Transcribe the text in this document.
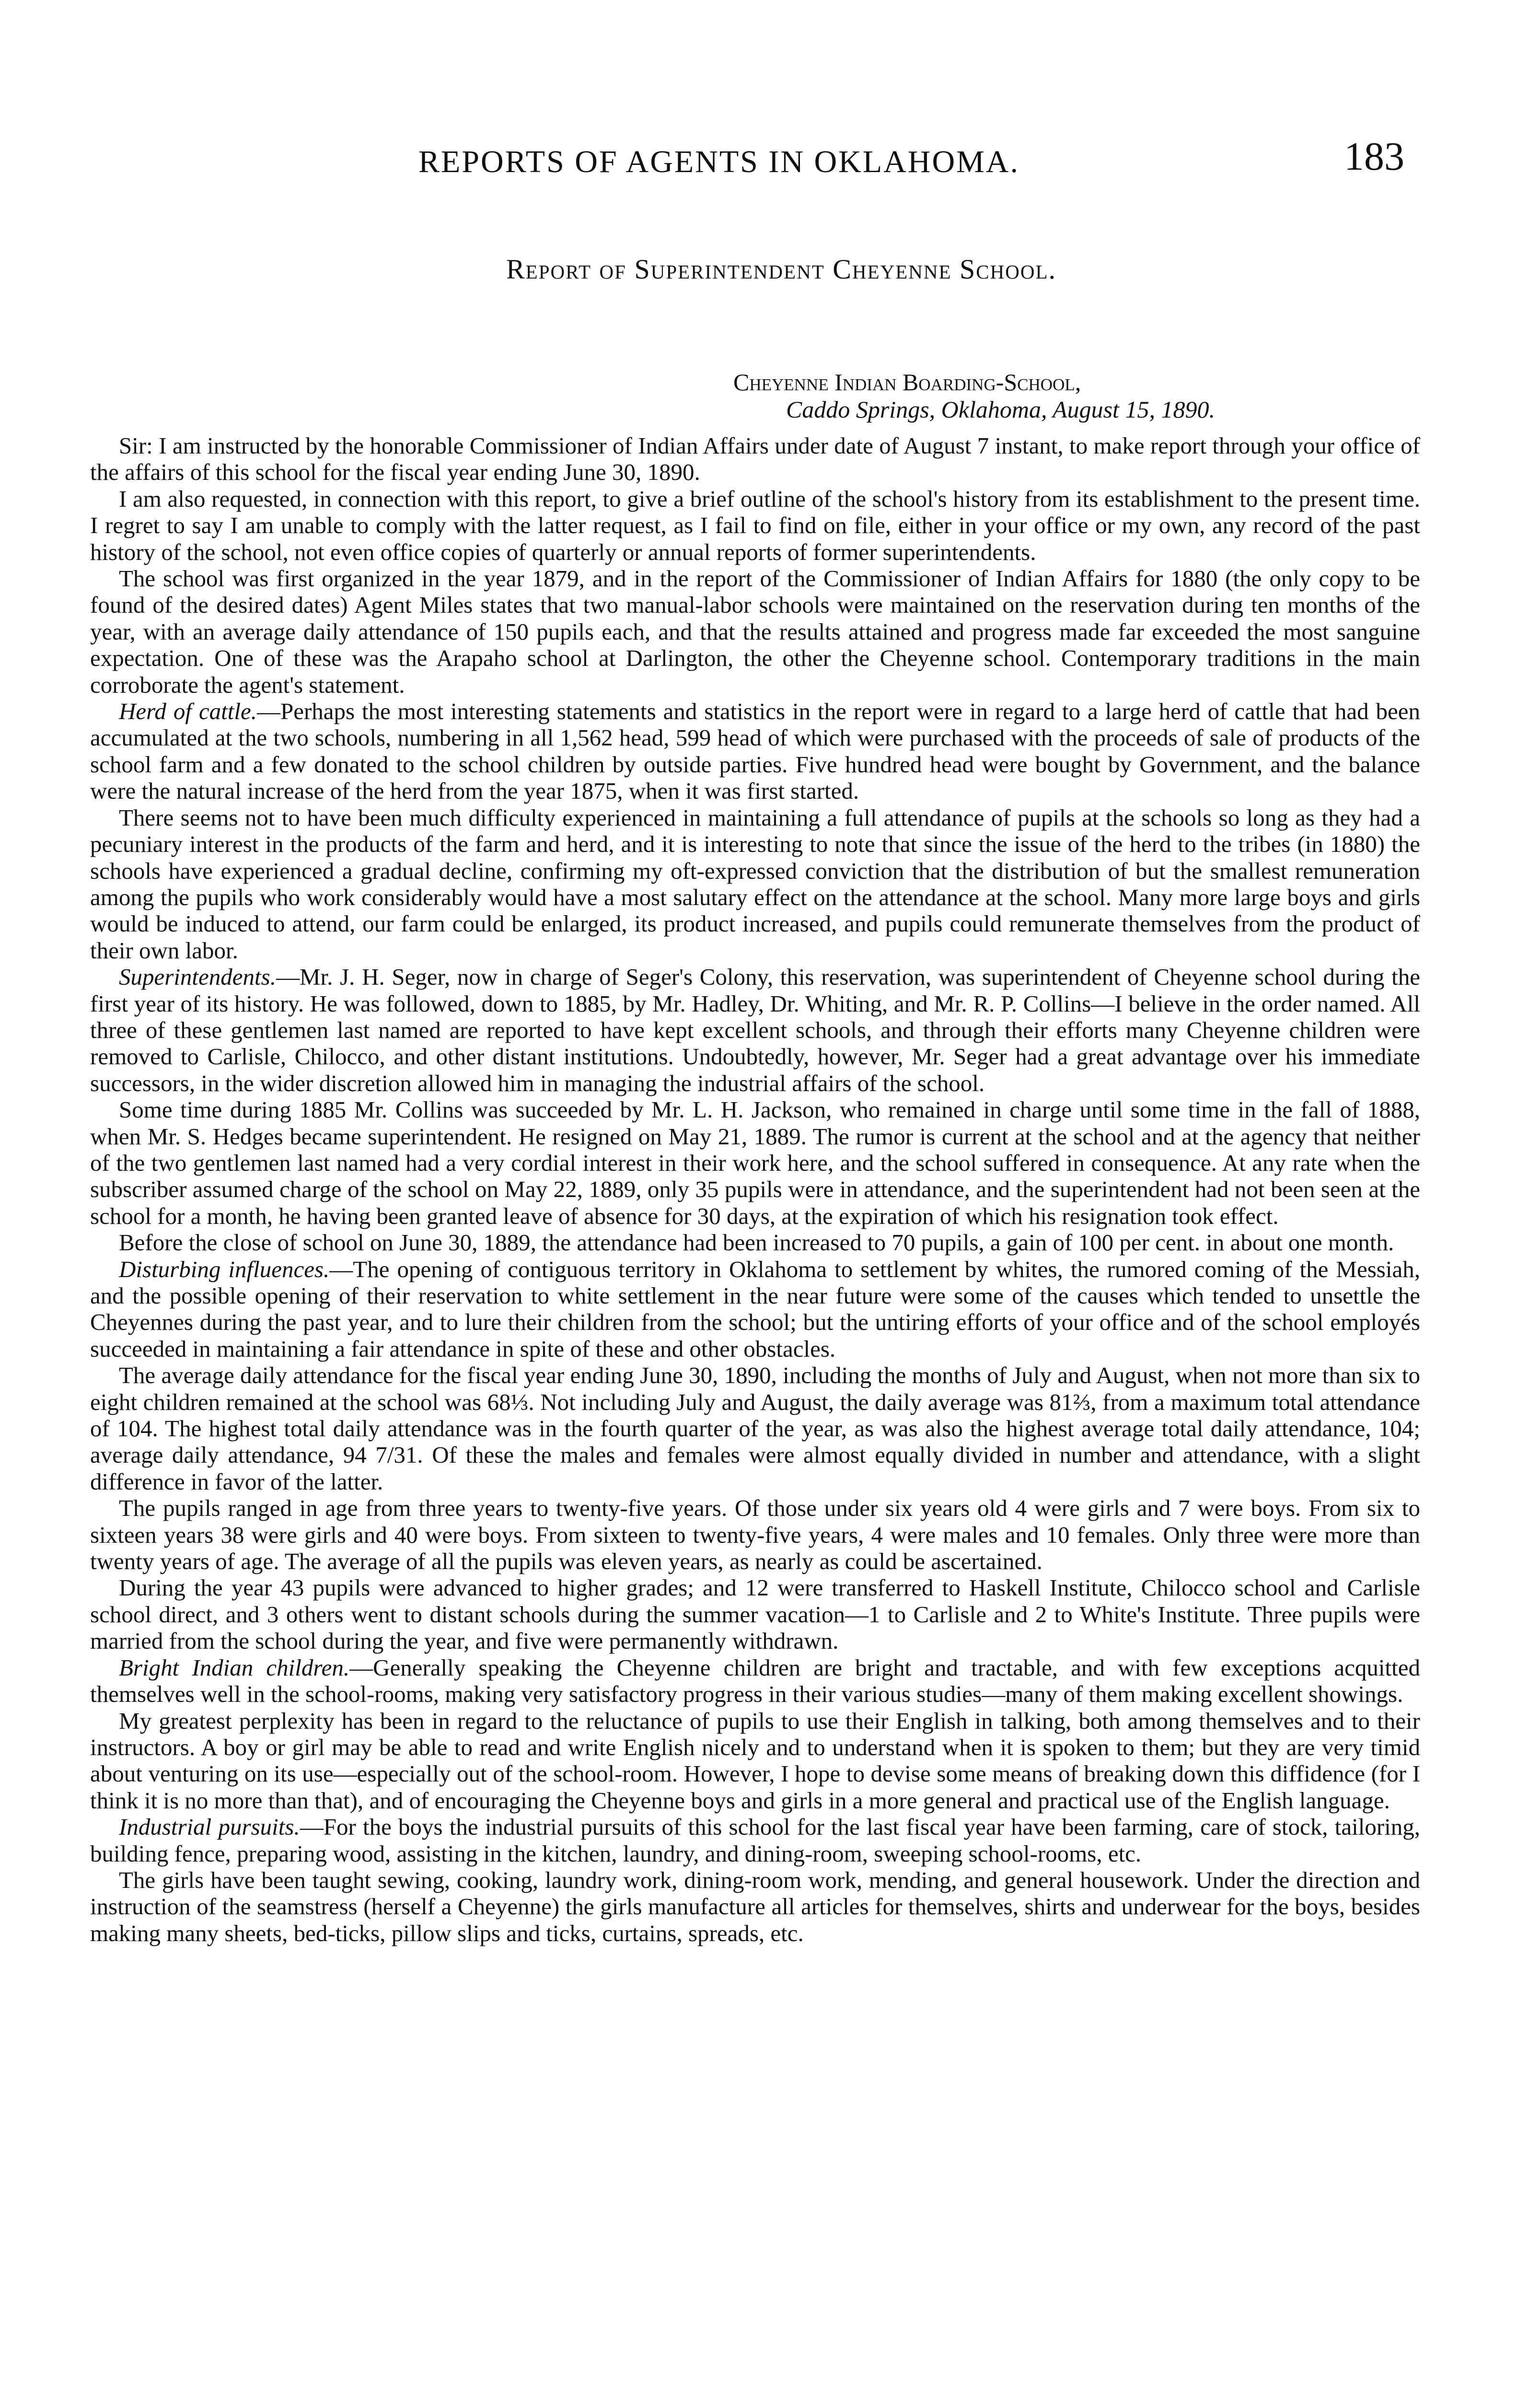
REPORTS OF AGENTS IN OKLAHOMA.	183
Report of Superintendent Cheyenne School.
Cheyenne Indian Boarding-School,
Caddo Springs, Oklahoma, August 15, 1890.

Sir: I am instructed by the honorable Commissioner of Indian Affairs under date of August 7 instant, to make report through your office of the affairs of this school for the fiscal year ending June 30, 1890.

I am also requested, in connection with this report, to give a brief outline of the school's history from its establishment to the present time. I regret to say I am unable to comply with the latter request, as I fail to find on file, either in your office or my own, any record of the past history of the school, not even office copies of quarterly or annual reports of former superintendents.

The school was first organized in the year 1879, and in the report of the Commissioner of Indian Affairs for 1880 (the only copy to be found of the desired dates) Agent Miles states that two manual-labor schools were maintained on the reservation during ten months of the year, with an average daily attendance of 150 pupils each, and that the results attained and progress made far exceeded the most sanguine expectation. One of these was the Arapaho school at Darlington, the other the Cheyenne school. Contemporary traditions in the main corroborate the agent's statement.

Herd of cattle.—Perhaps the most interesting statements and statistics in the report were in regard to a large herd of cattle that had been accumulated at the two schools, numbering in all 1,562 head, 599 head of which were purchased with the proceeds of sale of products of the school farm and a few donated to the school children by outside parties. Five hundred head were bought by Government, and the balance were the natural increase of the herd from the year 1875, when it was first started.

There seems not to have been much difficulty experienced in maintaining a full attendance of pupils at the schools so long as they had a pecuniary interest in the products of the farm and herd, and it is interesting to note that since the issue of the herd to the tribes (in 1880) the schools have experienced a gradual decline, confirming my oft-expressed conviction that the distribution of but the smallest remuneration among the pupils who work considerably would have a most salutary effect on the attendance at the school. Many more large boys and girls would be induced to attend, our farm could be enlarged, its product increased, and pupils could remunerate themselves from the product of their own labor.

Superintendents.—Mr. J. H. Seger, now in charge of Seger's Colony, this reservation, was superintendent of Cheyenne school during the first year of its history. He was followed, down to 1885, by Mr. Hadley, Dr. Whiting, and Mr. R. P. Collins—I believe in the order named. All three of these gentlemen last named are reported to have kept excellent schools, and through their efforts many Cheyenne children were removed to Carlisle, Chilocco, and other distant institutions. Undoubtedly, however, Mr. Seger had a great advantage over his immediate successors, in the wider discretion allowed him in managing the industrial affairs of the school.

Some time during 1885 Mr. Collins was succeeded by Mr. L. H. Jackson, who remained in charge until some time in the fall of 1888, when Mr. S. Hedges became superintendent. He resigned on May 21, 1889. The rumor is current at the school and at the agency that neither of the two gentlemen last named had a very cordial interest in their work here, and the school suffered in consequence. At any rate when the subscriber assumed charge of the school on May 22, 1889, only 35 pupils were in attendance, and the superintendent had not been seen at the school for a month, he having been granted leave of absence for 30 days, at the expiration of which his resignation took effect.

Before the close of school on June 30, 1889, the attendance had been increased to 70 pupils, a gain of 100 per cent. in about one month.

Disturbing influences.—The opening of contiguous territory in Oklahoma to settlement by whites, the rumored coming of the Messiah, and the possible opening of their reservation to white settlement in the near future were some of the causes which tended to unsettle the Cheyennes during the past year, and to lure their children from the school; but the untiring efforts of your office and of the school employés succeeded in maintaining a fair attendance in spite of these and other obstacles.

The average daily attendance for the fiscal year ending June 30, 1890, including the months of July and August, when not more than six to eight children remained at the school was 68⅓. Not including July and August, the daily average was 81⅔, from a maximum total attendance of 104. The highest total daily attendance was in the fourth quarter of the year, as was also the highest average total daily attendance, 104; average daily attendance, 94 7/31. Of these the males and females were almost equally divided in number and attendance, with a slight difference in favor of the latter.

The pupils ranged in age from three years to twenty-five years. Of those under six years old 4 were girls and 7 were boys. From six to sixteen years 38 were girls and 40 were boys. From sixteen to twenty-five years, 4 were males and 10 females. Only three were more than twenty years of age. The average of all the pupils was eleven years, as nearly as could be ascertained.

During the year 43 pupils were advanced to higher grades; and 12 were transferred to Haskell Institute, Chilocco school and Carlisle school direct, and 3 others went to distant schools during the summer vacation—1 to Carlisle and 2 to White's Institute. Three pupils were married from the school during the year, and five were permanently withdrawn.

Bright Indian children.—Generally speaking the Cheyenne children are bright and tractable, and with few exceptions acquitted themselves well in the school-rooms, making very satisfactory progress in their various studies—many of them making excellent showings.

My greatest perplexity has been in regard to the reluctance of pupils to use their English in talking, both among themselves and to their instructors. A boy or girl may be able to read and write English nicely and to understand when it is spoken to them; but they are very timid about venturing on its use—especially out of the school-room. However, I hope to devise some means of breaking down this diffidence (for I think it is no more than that), and of encouraging the Cheyenne boys and girls in a more general and practical use of the English language.

Industrial pursuits.—For the boys the industrial pursuits of this school for the last fiscal year have been farming, care of stock, tailoring, building fence, preparing wood, assisting in the kitchen, laundry, and dining-room, sweeping school-rooms, etc.

The girls have been taught sewing, cooking, laundry work, dining-room work, mending, and general housework. Under the direction and instruction of the seamstress (herself a Cheyenne) the girls manufacture all articles for themselves, shirts and underwear for the boys, besides making many sheets, bed-ticks, pillow slips and ticks, curtains, spreads, etc.
